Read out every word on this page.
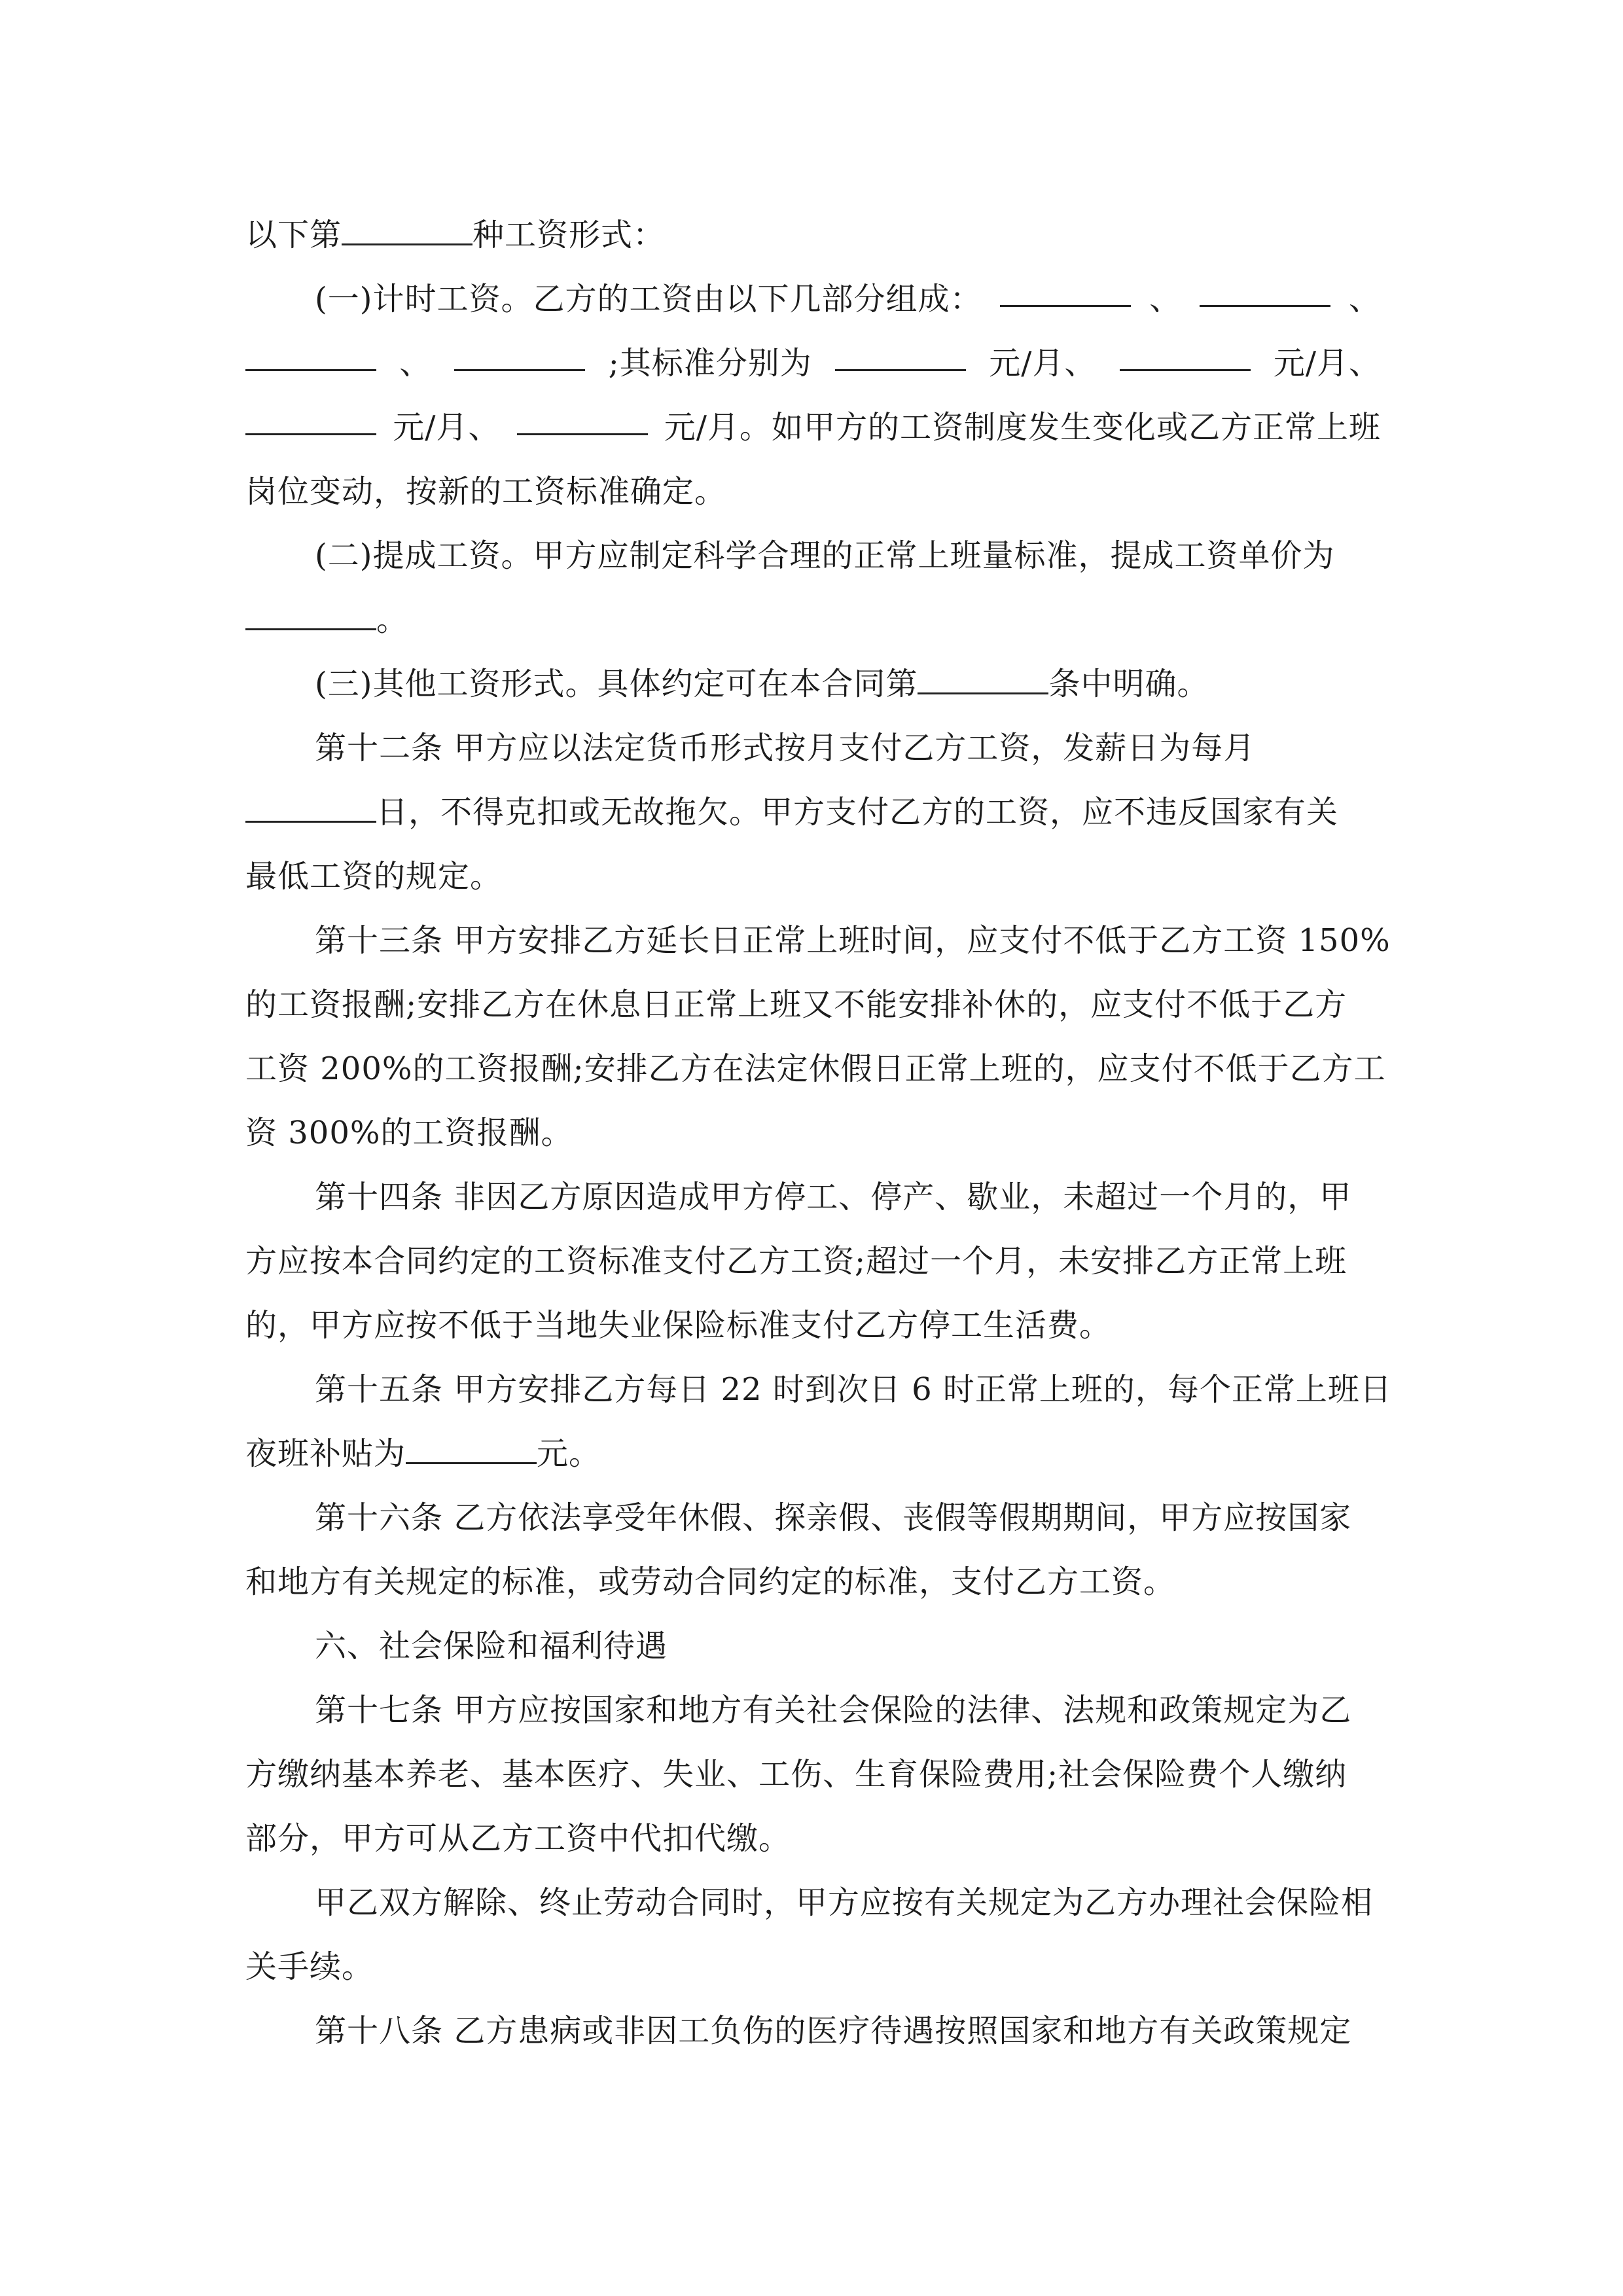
以下第	种工资形式：
(一)计时工资。乙方的工资由以下几部分组成：	、	、
、	;其标准分别为	元/月、	元/月、
元/月、	元/月。如甲方的工资制度发生变化或乙方正常上班
岗位变动，按新的工资标准确定。
(二)提成工资。甲方应制定科学合理的正常上班量标准，提成工资单价为
。
(三)其他工资形式。具体约定可在本合同第	条中明确。
第十二条 甲方应以法定货币形式按月支付乙方工资，发薪日为每月
日，不得克扣或无故拖欠。甲方支付乙方的工资，应不违反国家有关
最低工资的规定。
第十三条 甲方安排乙方延长日正常上班时间，应支付不低于乙方工资 150%
的工资报酬;安排乙方在休息日正常上班又不能安排补休的，应支付不低于乙方
工资 200%的工资报酬;安排乙方在法定休假日正常上班的，应支付不低于乙方工
资 300%的工资报酬。
第十四条 非因乙方原因造成甲方停工、停产、歇业，未超过一个月的，甲
方应按本合同约定的工资标准支付乙方工资;超过一个月，未安排乙方正常上班
的，甲方应按不低于当地失业保险标准支付乙方停工生活费。
第十五条 甲方安排乙方每日 22 时到次日 6 时正常上班的，每个正常上班日
夜班补贴为	元。
第十六条 乙方依法享受年休假、探亲假、丧假等假期期间，甲方应按国家
和地方有关规定的标准，或劳动合同约定的标准，支付乙方工资。
六、社会保险和福利待遇
第十七条 甲方应按国家和地方有关社会保险的法律、法规和政策规定为乙
方缴纳基本养老、基本医疗、失业、工伤、生育保险费用;社会保险费个人缴纳
部分，甲方可从乙方工资中代扣代缴。
甲乙双方解除、终止劳动合同时，甲方应按有关规定为乙方办理社会保险相
关手续。
第十八条 乙方患病或非因工负伤的医疗待遇按照国家和地方有关政策规定
